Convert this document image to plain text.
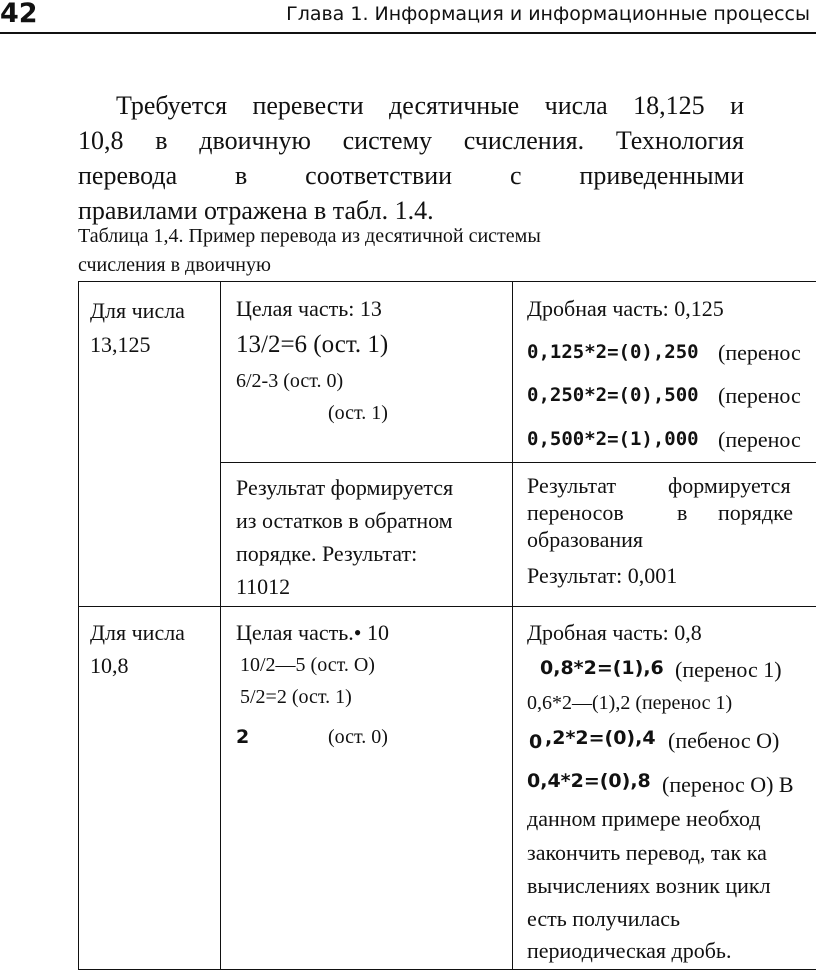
42	Глава 1. Информация и информационные процессы
Требуется перевести десятичные числа 18,125 и
10,8 в двоичную систему счисления. Технология
перевода в соответствии с приведенными
правилами отражена в табл. 1.4.
Таблица 1,4. Пример перевода из десятичной системы
счисления в двоичную
Для числа
13,125
Целая часть: 13
13/2=6 (ост. 1)
6/2-3 (ост. 0)
(ост. 1)
Дробная часть: 0,125
0,125*2=(0),250 (перенос
0,250*2=(0),500 (перенос
0,500*2=(1),000 (перенос
Результат формируется
из остатков в обратном
порядке. Результат:
11012
Результат формируется
переносов в порядке
образования
Результат: 0,001
Для числа
10,8
Целая часть.• 10
10/2—5 (ост. О)
5/2=2 (ост. 1)
2	(ост. 0)
Дробная часть: 0,8
0,8*2=(1),6 (перенос 1)
0,6*2—(1),2 (перенос 1)
0 ,2*2=(0),4 (пебенос О)
0,4*2=(0),8 (перенос О) В
данном примере необход
закончить перевод, так ка
вычислениях возник цикл
есть получилась
периодическая дробь.
